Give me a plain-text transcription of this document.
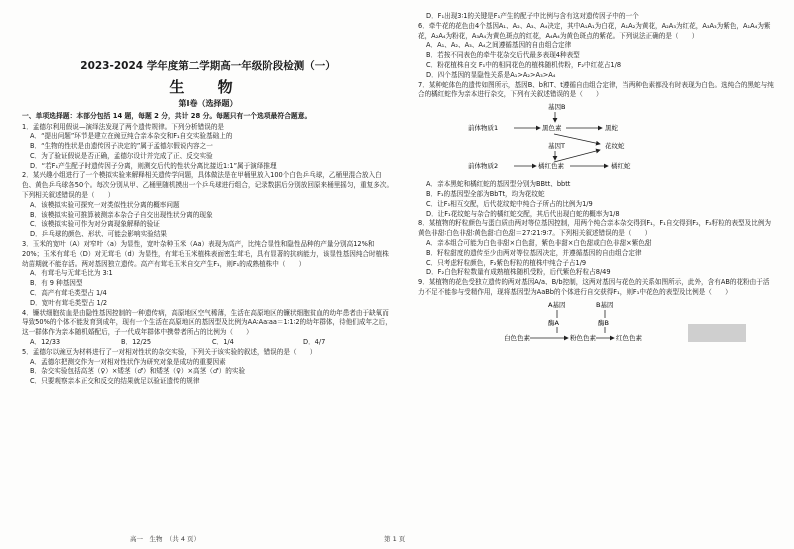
2023-2024 学年度第二学期高一年级阶段检测（一）
生 物
第Ⅰ卷（选择题）
一、单项选择题：本部分包括 14 题，每题 2 分，共计 28 分。每题只有一个选项最符合题意。

1．孟德尔利用假说—演绎法发现了两个遗传规律。下列分析错误的是

A．“提出问题”环节是建立在豌豆纯合亲本杂交和F₁自交实验基础上的

B．“生物的性状是由遗传因子决定的”属于孟德尔假说内容之一

C．为了验证假说是否正确，孟德尔设计并完成了正、反交实验

D．“若F₁产生配子时遗传因子分离，则测交后代的性状分离比接近1:1”属于演绎推理

2．某兴趣小组进行了一个模拟实验来解释相关遗传学问题，具体做法是在甲桶里放入100个白色乒乓球，乙桶里混合放入白色、黄色乒乓球各50个。每次分别从甲、乙桶里随机摸出一个乒乓球进行组合，记录数据后分别放回原来桶里摇匀，重复多次。下列相关叙述错误的是（　　）

A．该模拟实验可探究一对类似性状分离的概率问题

B．该模拟实验可推算被测亲本杂合子自交出现性状分离的现象

C．该模拟实验可作为对分离现象解释的验证

D．乒乓球的颜色、形状、可能会影响实验结果

3．玉米的宽叶（A）对窄叶（a）为显性，宽叶杂种玉米（Aa）表现为高产，比纯合显性和隐性品种的产量分别高12%和20%；玉米有茸毛（D）对无茸毛（d）为显性，有茸毛玉米植株表面密生茸毛，具有显著的抗病能力，该显性基因纯合时植株幼苗期就不能存活。两对基因独立遗传。高产有茸毛玉米自交产生F₁，则F₁的成熟植株中（　　）

A．有茸毛与无茸毛比为 3∶1

B．有 9 种基因型

C．高产有茸毛类型占 1/4

D．宽叶有茸毛类型占 1/2

4．镰状细胞贫血是由隐性基因控制的一种遗传病，高原地区空气稀薄，生活在高原地区的镰状细胞贫血的幼年患者由于缺氧而导致50%的个体不能发育到成年，现有一个生活在高原地区的基因型及比例为AA∶Aa∶aa＝1∶1∶2的幼年群体，待他们成年之后，这一群体作为亲本随机婚配后，子一代成年群体中携带者所占的比例为（　　）

A．12/33	B．12/25	C．1/4	D．4/7

5．孟德尔以豌豆为材料进行了一对相对性状的杂交实验，下列关于该实验的叙述，错误的是（　　）

A．孟德尔把测交作为一对相对性状作为研究对象是成功的重要因素

B．杂交实验包括高茎（♀）×矮茎（♂）和矮茎（♀）×高茎（♂）的实验

C．只要观察亲本正交和反交的结果就足以验证遗传的规律

高一　生物　（共 4 页）	第 1 页

D．F₁出现3∶1的关键是F₁产生的配子中比例与含有这对遗传因子中的一个

6．牵牛花的花色由4个基因A₁、A₂、A₃、A₄决定，其中A₁A₁为白花，A₁A₂为黄花，A₂A₃为红花，A₃A₃为紫色，A₁A₄为紫花，A₂A₄为粉花，A₃A₄为黄色斑点的红花，A₄A₄为黄色斑点的紫花。下列说法正确的是（　　）

A．A₁、A₂、A₃、A₄之间遵循基因的自由组合定律

B．若按不同表色的牵牛花杂交后代最多表现4种表型

C．粉花植株自交 F₁中的相同花色的植株随机传粉，F₂中红花占1/8

D．四个基因的显隐性关系是A₁>A₂>A₃>A₄

7．某种蛇体色的遗传如图所示，基因B、b和T、t遵循自由组合定律，当两种色素都没有时表现为白色。选纯合的黑蛇与纯合的橘红蛇作为亲本进行杂交，下列有关叙述错误的是（　　）

基因B
前体物质1	黑色素	黑蛇
花纹蛇
基因T
前体物质2	橘红色素	橘红蛇

A．亲本黑蛇和橘红蛇的基因型分别为BBtt、bbtt

B．F₁的基因型全部为BbTt，均为花纹蛇

C．让F₁相互交配，后代花纹蛇中纯合子所占的比例为1/9

D．让F₁花纹蛇与杂合的橘红蛇交配，其后代出现白蛇的概率为1/8

8．某植物的籽粒颜色与蛋白质由两对等位基因控制，用两个纯合亲本杂交得到F₁，F₁自交得到F₂，F₂籽粒的表型及比例为黄色非甜∶白色非甜∶黄色甜∶白色甜＝27∶21∶9∶7。下列相关叙述错误的是（　　）

A．亲本组合可能为白色非甜×白色甜，紫色非甜×白色甜或白色非甜×紫色甜

B．籽粒甜度的遗传至少由两对等位基因决定，并遵循基因的自由组合定律

C．只考虑籽粒颜色，F₂紫色籽粒的植株中纯合子占1/9

D．F₂白色籽粒数量有成熟植株随机受粉，后代紫色籽粒占8/49

9．某植物的花色受独立遗传的两对基因A/a、B/b控制，这两对基因与花色的关系如图所示，此外，含有AB的花粉由于活力不足不能参与受精作用，现将基因型为AaBb的个体进行自交获得F₁，则F₁中花色的表型及比例是（　　）

A基因	B基因
酶A	酶B
白色色素	粉色色素	红色色素
